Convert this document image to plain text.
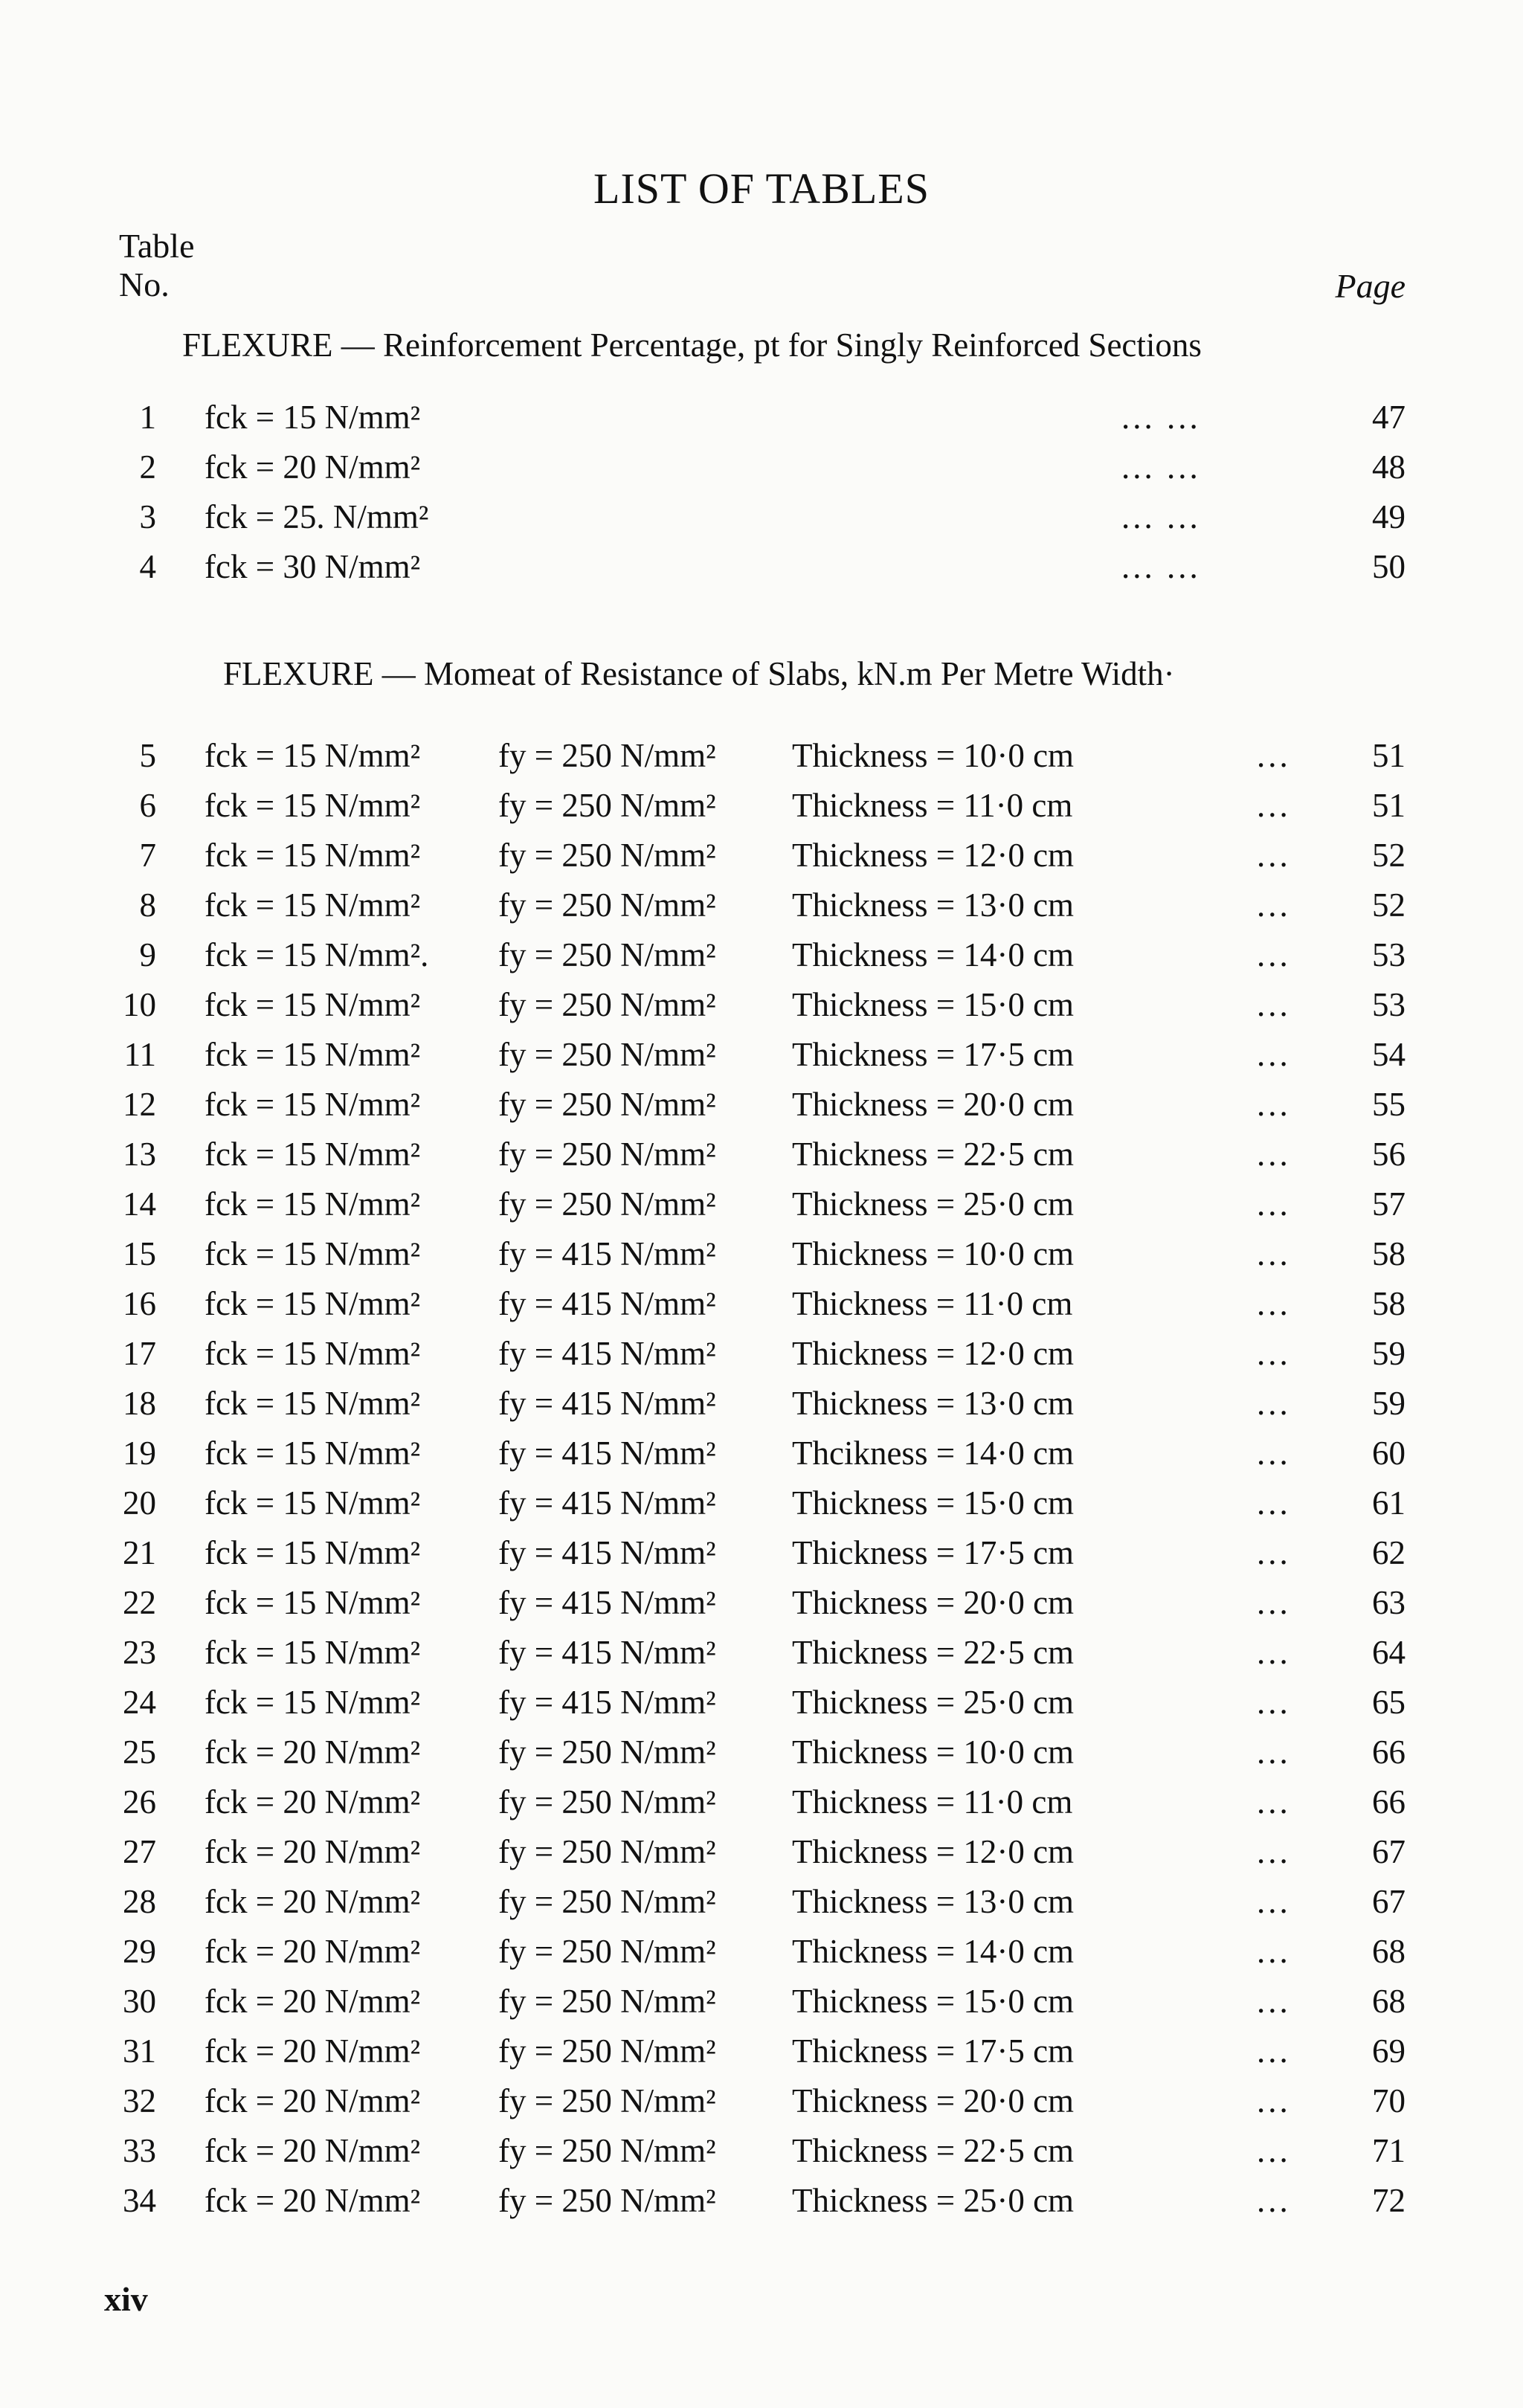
LIST OF TABLES
Table
No.	Page
FLEXURE — Reinforcement Percentage, pt for Singly Reinforced Sections
1 fck = 15 N/mm²	... ...	47
2 fck = 20 N/mm²	... ...	48
3 fck = 25. N/mm²	... ...	49
4 fck = 30 N/mm²	... ...	50
FLEXURE — Momeat of Resistance of Slabs, kN.m Per Metre Width·
5 fck = 15 N/mm² fy = 250 N/mm² Thickness = 10·0 cm	... 51
6 fck = 15 N/mm² fy = 250 N/mm² Thickness = 11·0 cm	... 51
7 fck = 15 N/mm² fy = 250 N/mm² Thickness = 12·0 cm	... 52
8 fck = 15 N/mm² fy = 250 N/mm² Thickness = 13·0 cm	... 52
9 fck = 15 N/mm². fy = 250 N/mm² Thickness = 14·0 cm	... 53
10 fck = 15 N/mm² fy = 250 N/mm² Thickness = 15·0 cm	... 53
11 fck = 15 N/mm² fy = 250 N/mm² Thickness = 17·5 cm	... 54
12 fck = 15 N/mm² fy = 250 N/mm² Thickness = 20·0 cm	... 55
13 fck = 15 N/mm² fy = 250 N/mm² Thickness = 22·5 cm	... 56
14 fck = 15 N/mm² fy = 250 N/mm² Thickness = 25·0 cm	... 57
15 fck = 15 N/mm² fy = 415 N/mm² Thickness = 10·0 cm	... 58
16 fck = 15 N/mm² fy = 415 N/mm² Thickness = 11·0 cm	... 58
17 fck = 15 N/mm² fy = 415 N/mm² Thickness = 12·0 cm	... 59
18 fck = 15 N/mm² fy = 415 N/mm² Thickness = 13·0 cm	... 59
19 fck = 15 N/mm² fy = 415 N/mm² Thcikness = 14·0 cm	... 60
20 fck = 15 N/mm² fy = 415 N/mm² Thickness = 15·0 cm	... 61
21 fck = 15 N/mm² fy = 415 N/mm² Thickness = 17·5 cm	... 62
22 fck = 15 N/mm² fy = 415 N/mm² Thickness = 20·0 cm	... 63
23 fck = 15 N/mm² fy = 415 N/mm² Thickness = 22·5 cm	... 64
24 fck = 15 N/mm² fy = 415 N/mm² Thickness = 25·0 cm	... 65
25 fck = 20 N/mm² fy = 250 N/mm² Thickness = 10·0 cm	... 66
26 fck = 20 N/mm² fy = 250 N/mm² Thickness = 11·0 cm	... 66
27 fck = 20 N/mm² fy = 250 N/mm² Thickness = 12·0 cm	... 67
28 fck = 20 N/mm² fy = 250 N/mm² Thickness = 13·0 cm	... 67
29 fck = 20 N/mm² fy = 250 N/mm² Thickness = 14·0 cm	... 68
30 fck = 20 N/mm² fy = 250 N/mm² Thickness = 15·0 cm	... 68
31 fck = 20 N/mm² fy = 250 N/mm² Thickness = 17·5 cm	... 69
32 fck = 20 N/mm² fy = 250 N/mm² Thickness = 20·0 cm	... 70
33 fck = 20 N/mm² fy = 250 N/mm² Thickness = 22·5 cm	... 71
34 fck = 20 N/mm² fy = 250 N/mm² Thickness = 25·0 cm	... 72
xiv
